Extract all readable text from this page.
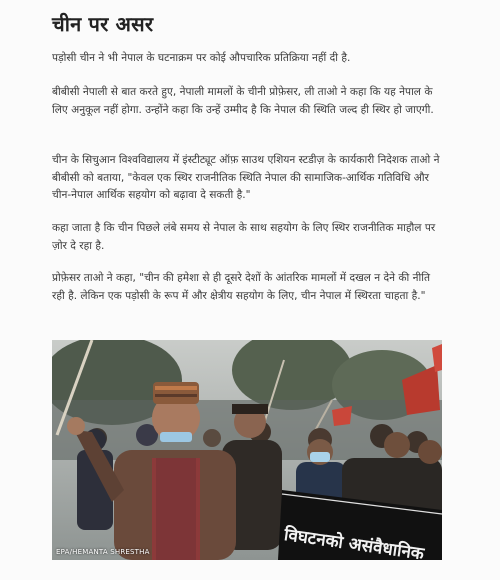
चीन पर असर

पड़ोसी चीन ने भी नेपाल के घटनाक्रम पर कोई औपचारिक प्रतिक्रिया नहीं दी है.

बीबीसी नेपाली से बात करते हुए, नेपाली मामलों के चीनी प्रोफ़ेसर, ली ताओ ने कहा कि यह नेपाल के लिए अनुकूल नहीं होगा. उन्होंने कहा कि उन्हें उम्मीद है कि नेपाल की स्थिति जल्द ही स्थिर हो जाएगी.

चीन के सिचुआन विश्वविद्यालय में इंस्टीट्यूट ऑफ़ साउथ एशियन स्टडीज़ के कार्यकारी निदेशक ताओ ने बीबीसी को बताया, "केवल एक स्थिर राजनीतिक स्थिति नेपाल की सामाजिक-आर्थिक गतिविधि और चीन-नेपाल आर्थिक सहयोग को बढ़ावा दे सकती है."

कहा जाता है कि चीन पिछले लंबे समय से नेपाल के साथ सहयोग के लिए स्थिर राजनीतिक माहौल पर ज़ोर दे रहा है.

प्रोफ़ेसर ताओ ने कहा, "चीन की हमेशा से ही दूसरे देशों के आंतरिक मामलों में दखल न देने की नीति रही है. लेकिन एक पड़ोसी के रूप में और क्षेत्रीय सहयोग के लिए, चीन नेपाल में स्थिरता चाहता है."

विघटनको असंवैधानिक
EPA/HEMANTA SHRESTHA
